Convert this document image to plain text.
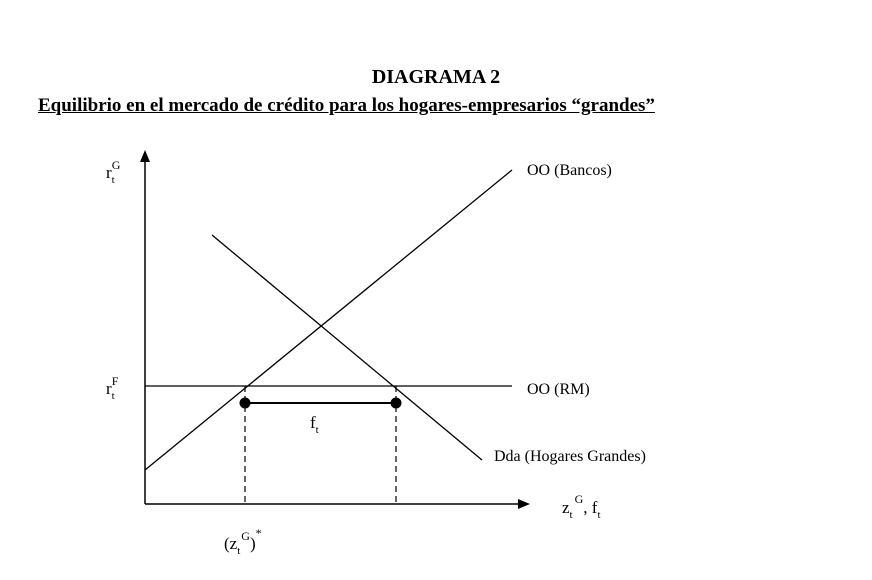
DIAGRAMA 2
Equilibrio en el mercado de crédito para los hogares-empresarios “grandes”
$r_tG$
$r_tF$
OO (Bancos)
OO (RM)
Dda (Hogares Grandes)
$f_t$
$z_t^G$, $f_t$
$(z_t^G)^*$
